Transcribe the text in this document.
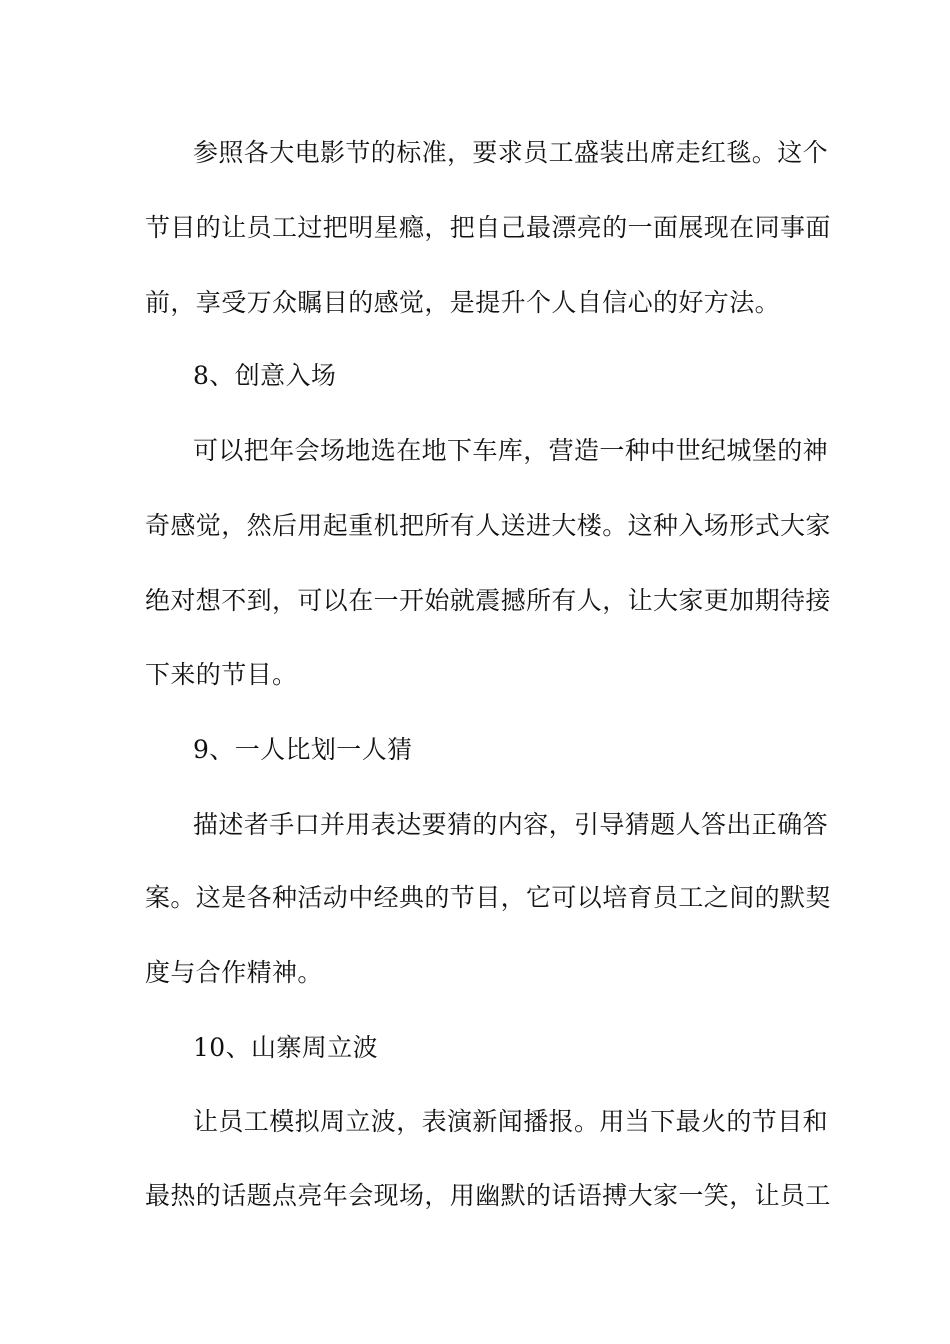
参照各大电影节的标准，要求员工盛装出席走红毯。这个
节目的让员工过把明星瘾，把自己最漂亮的一面展现在同事面
前，享受万众瞩目的感觉，是提升个人自信心的好方法。
8、创意入场
可以把年会场地选在地下车库，营造一种中世纪城堡的神
奇感觉，然后用起重机把所有人送进大楼。这种入场形式大家
绝对想不到，可以在一开始就震撼所有人，让大家更加期待接
下来的节目。
9、一人比划一人猜
描述者手口并用表达要猜的内容，引导猜题人答出正确答
案。这是各种活动中经典的节目，它可以培育员工之间的默契
度与合作精神。
10、山寨周立波
让员工模拟周立波，表演新闻播报。用当下最火的节目和
最热的话题点亮年会现场，用幽默的话语搏大家一笑，让员工
